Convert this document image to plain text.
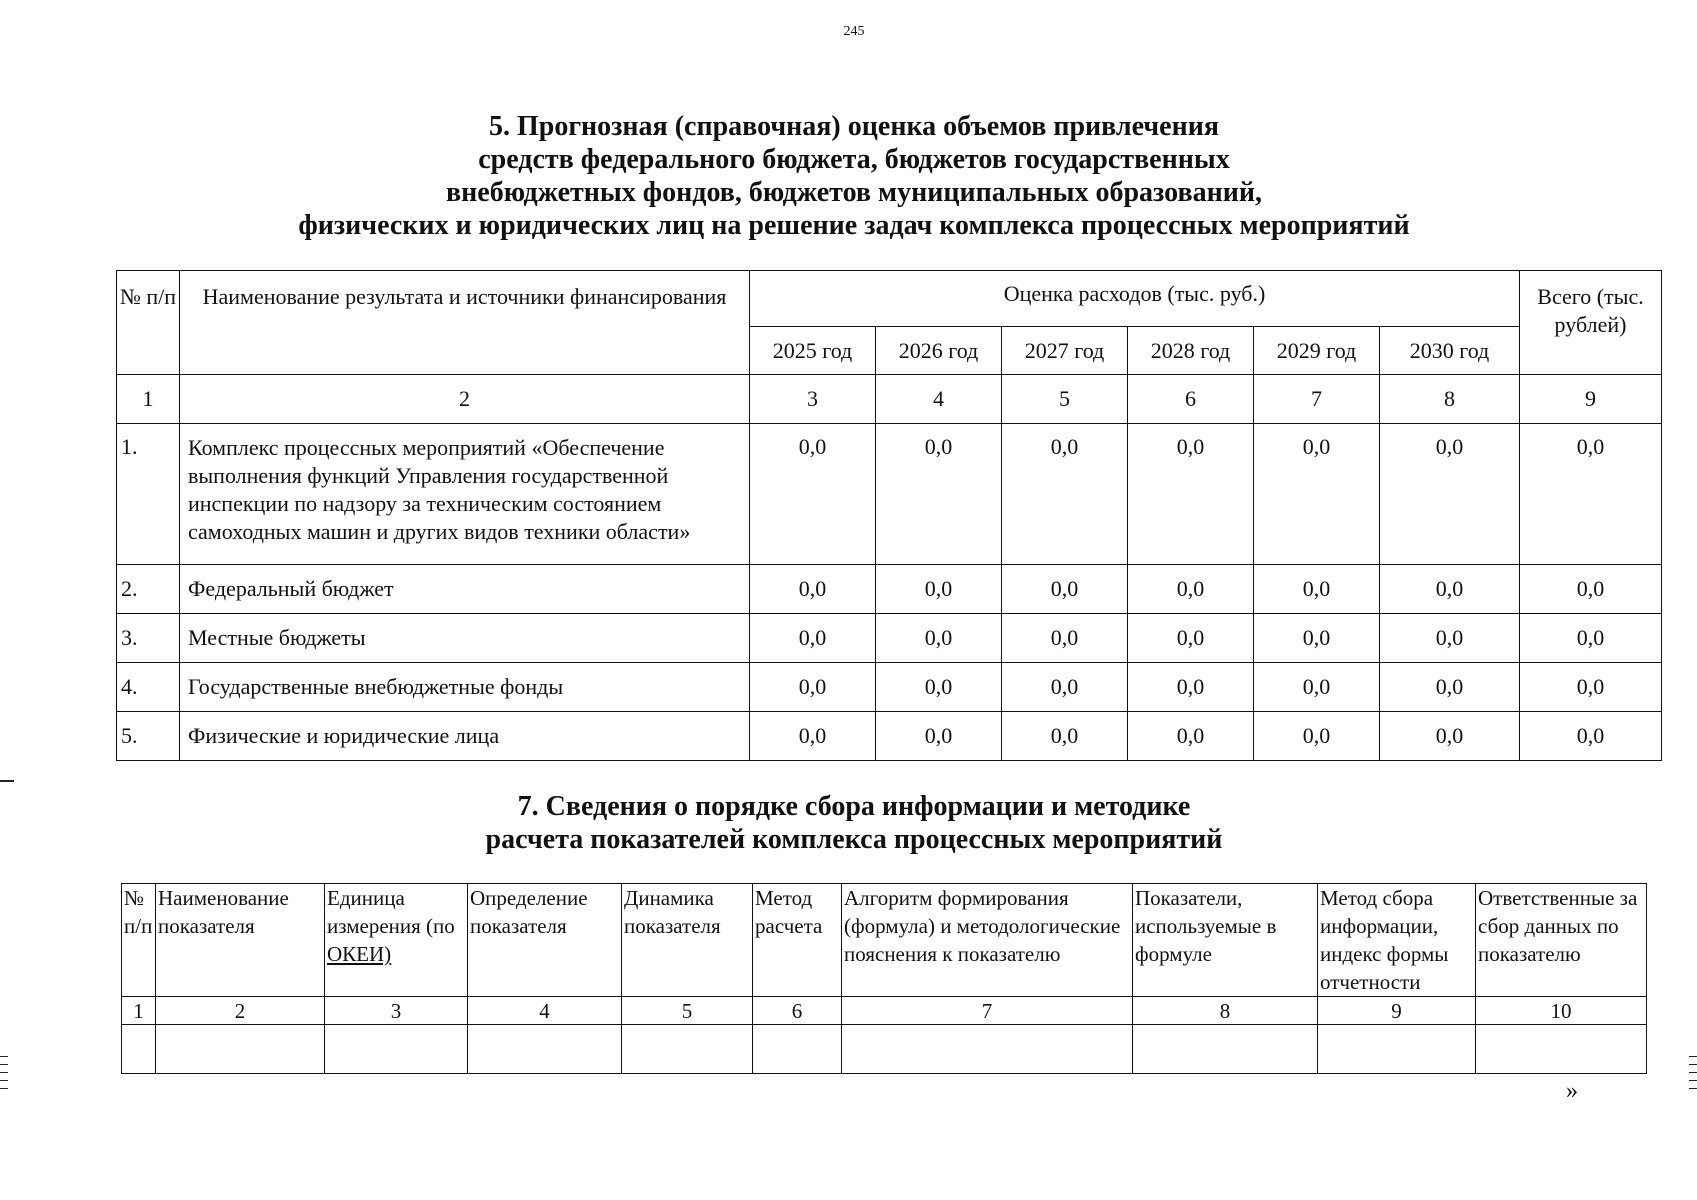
245
5. Прогнозная (справочная) оценка объемов привлечения
средств федерального бюджета, бюджетов государственных
внебюджетных фондов, бюджетов муниципальных образований,
физических и юридических лиц на решение задач комплекса процессных мероприятий
№ п/п	Наименование результата и источники финансирования	Оценка расходов (тыс. руб.)						Всего (тыс. рублей)
		2025 год	2026 год	2027 год	2028 год	2029 год	2030 год	
1	2	3	4	5	6	7	8	9
1.	Комплекс процессных мероприятий «Обеспечение выполнения функций Управления государственной инспекции по надзору за техническим состоянием самоходных машин и других видов техники области»	0,0	0,0	0,0	0,0	0,0	0,0	0,0
2.	Федеральный бюджет	0,0	0,0	0,0	0,0	0,0	0,0	0,0
3.	Местные бюджеты	0,0	0,0	0,0	0,0	0,0	0,0	0,0
4.	Государственные внебюджетные фонды	0,0	0,0	0,0	0,0	0,0	0,0	0,0
5.	Физические и юридические лица	0,0	0,0	0,0	0,0	0,0	0,0	0,0
7. Сведения о порядке сбора информации и методике
расчета показателей комплекса процессных мероприятий
№ п/п	Наименование показателя	Единица измерения (по ОКЕИ)	Определение показателя	Динамика показателя	Метод расчета	Алгоритм формирования (формула) и методологические пояснения к показателю	Показатели, используемые в формуле	Метод сбора информации, индекс формы отчетности	Ответственные за сбор данных по показателю
1	2	3	4	5	6	7	8	9	10

»
